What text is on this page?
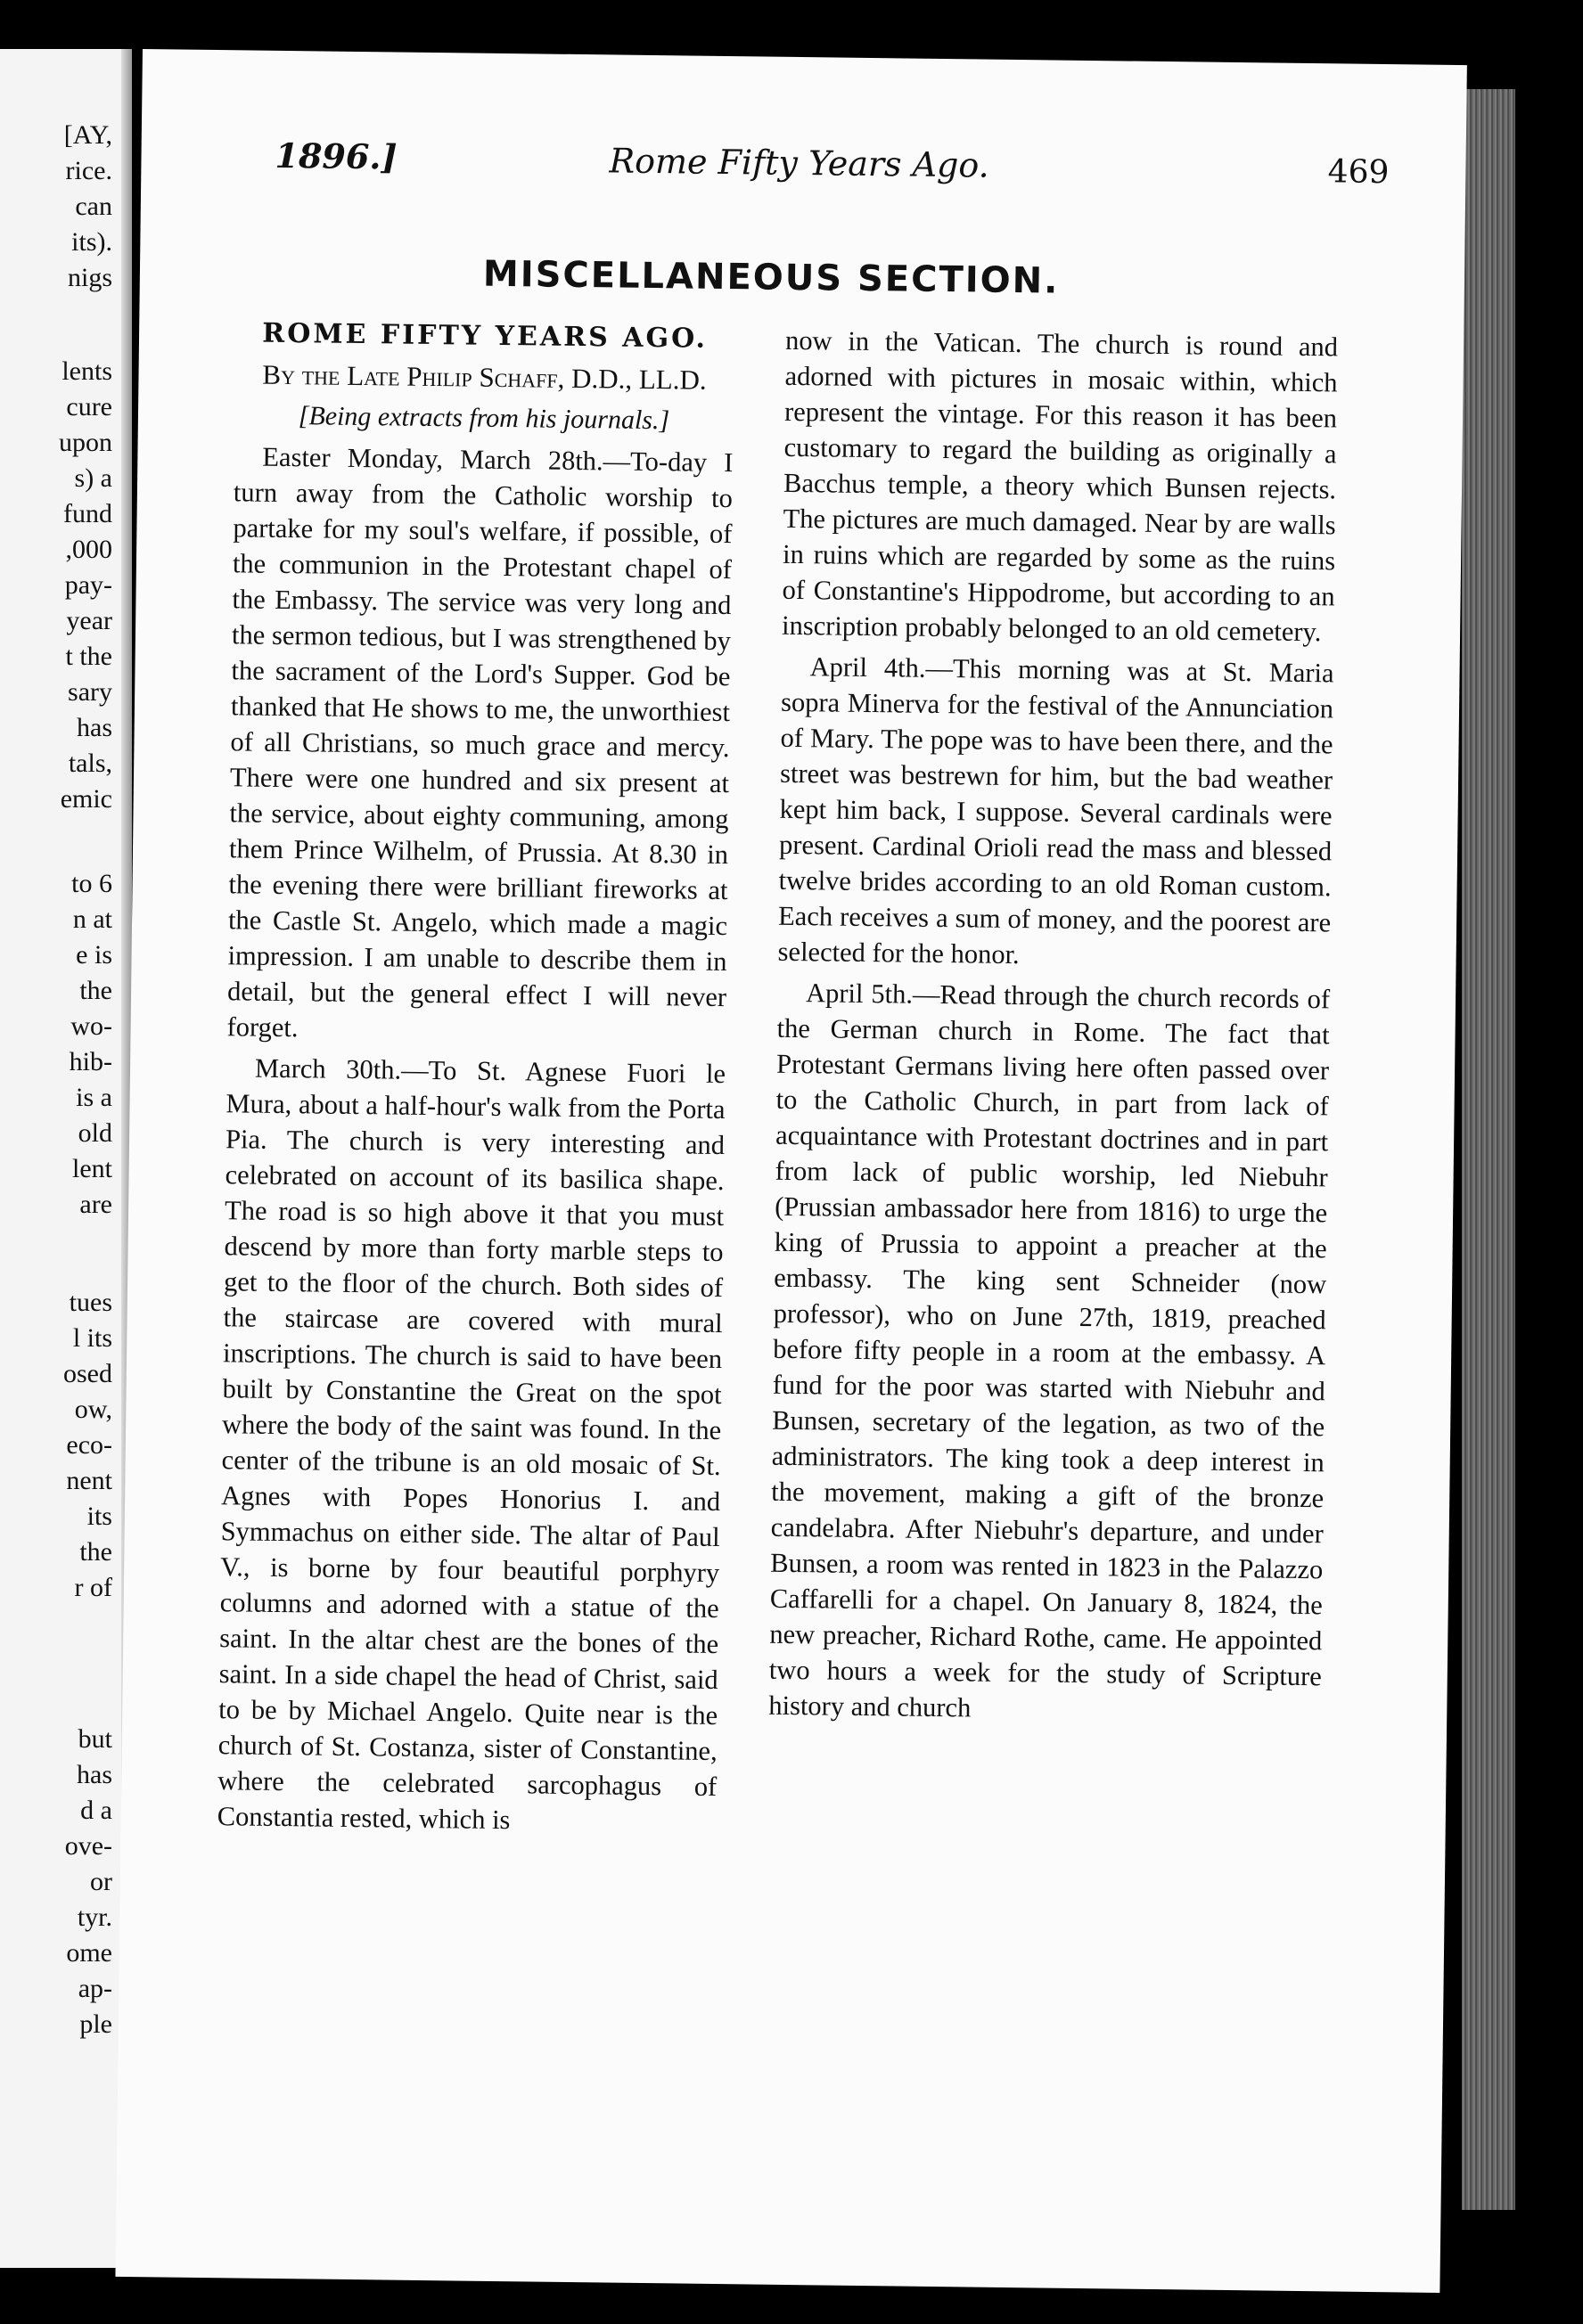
[AY,
rice.
can
its).
nigs
lents
cure
upon
s) a
fund
,000
pay-
year
t the
sary
has
tals,
emic
to 6
n at
e is
the
wo-
hib-
is a
old
lent
are
tues
l its
osed
ow,
eco-
nent
its
the
r of
but
has
d a
ove-
or
tyr.
ome
ap-
ple
1896.]	Rome Fifty Years Ago.	469
MISCELLANEOUS SECTION.

ROME FIFTY YEARS AGO.

By the Late Philip Schaff, D.D., LL.D.

[Being extracts from his journals.]

Easter Monday, March 28th.—To-day I turn away from the Catholic worship to partake for my soul's welfare, if possible, of the communion in the Protestant chapel of the Embassy. The service was very long and the sermon tedious, but I was strengthened by the sacrament of the Lord's Supper. God be thanked that He shows to me, the unworthiest of all Christians, so much grace and mercy. There were one hundred and six present at the service, about eighty communing, among them Prince Wilhelm, of Prussia. At 8.30 in the evening there were brilliant fireworks at the Castle St. Angelo, which made a magic impression. I am unable to describe them in detail, but the general effect I will never forget.

March 30th.—To St. Agnese Fuori le Mura, about a half-hour's walk from the Porta Pia. The church is very interesting and celebrated on account of its basilica shape. The road is so high above it that you must descend by more than forty marble steps to get to the floor of the church. Both sides of the staircase are covered with mural inscriptions. The church is said to have been built by Constantine the Great on the spot where the body of the saint was found. In the center of the tribune is an old mosaic of St. Agnes with Popes Honorius I. and Symmachus on either side. The altar of Paul V., is borne by four beautiful porphyry columns and adorned with a statue of the saint. In the altar chest are the bones of the saint. In a side chapel the head of Christ, said to be by Michael Angelo. Quite near is the church of St. Costanza, sister of Constantine, where the celebrated sarcophagus of Constantia rested, which is

now in the Vatican. The church is round and adorned with pictures in mosaic within, which represent the vintage. For this reason it has been customary to regard the building as originally a Bacchus temple, a theory which Bunsen rejects. The pictures are much damaged. Near by are walls in ruins which are regarded by some as the ruins of Constantine's Hippodrome, but according to an inscription probably belonged to an old cemetery.

April 4th.—This morning was at St. Maria sopra Minerva for the festival of the Annunciation of Mary. The pope was to have been there, and the street was bestrewn for him, but the bad weather kept him back, I suppose. Several cardinals were present. Cardinal Orioli read the mass and blessed twelve brides according to an old Roman custom. Each receives a sum of money, and the poorest are selected for the honor.

April 5th.—Read through the church records of the German church in Rome. The fact that Protestant Germans living here often passed over to the Catholic Church, in part from lack of acquaintance with Protestant doctrines and in part from lack of public worship, led Niebuhr (Prussian ambassador here from 1816) to urge the king of Prussia to appoint a preacher at the embassy. The king sent Schneider (now professor), who on June 27th, 1819, preached before fifty people in a room at the embassy. A fund for the poor was started with Niebuhr and Bunsen, secretary of the legation, as two of the administrators. The king took a deep interest in the movement, making a gift of the bronze candelabra. After Niebuhr's departure, and under Bunsen, a room was rented in 1823 in the Palazzo Caffarelli for a chapel. On January 8, 1824, the new preacher, Richard Rothe, came. He appointed two hours a week for the study of Scripture history and church
